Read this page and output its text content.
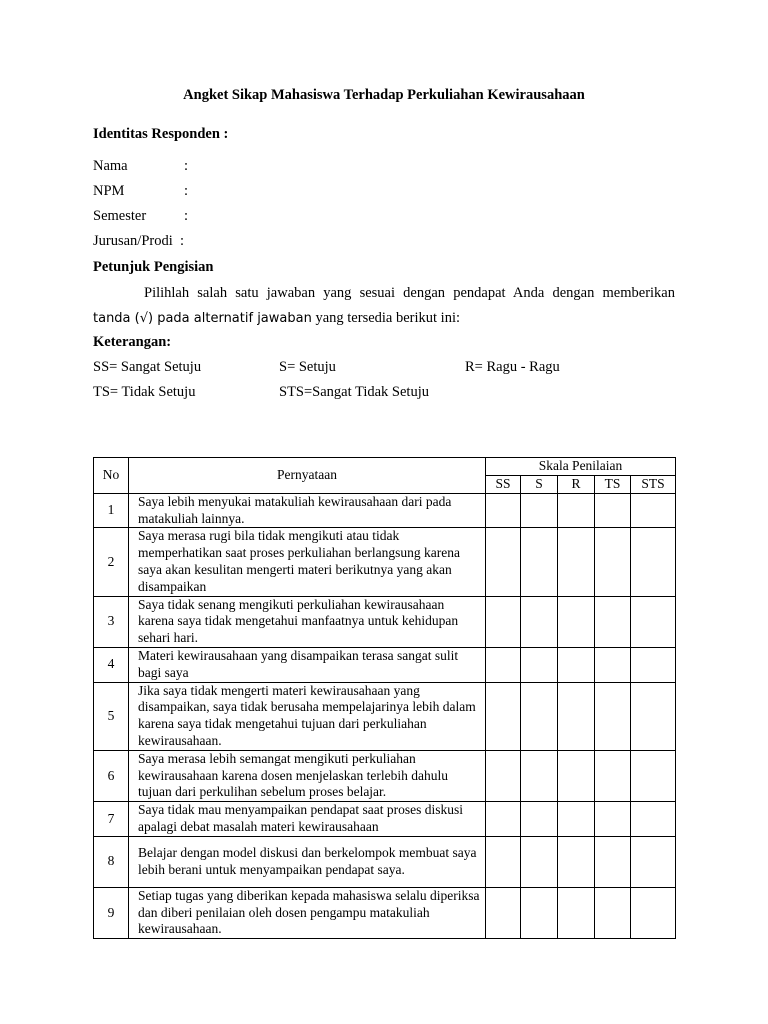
Angket Sikap Mahasiswa Terhadap Perkuliahan Kewirausahaan
Identitas Responden :
Nama	:
NPM	:
Semester	:
Jurusan/Prodi :
Petunjuk Pengisian
Pilihlah salah satu jawaban yang sesuai dengan pendapat Anda dengan memberikan
tanda (√) pada alternatif jawaban yang tersedia berikut ini:
Keterangan:
SS= Sangat Setuju	S= Setuju	R= Ragu - Ragu
TS= Tidak Setuju	STS=Sangat Tidak Setuju
No	Pernyataan	Skala Penilaian				
		SS	S	R	TS	STS
1	Saya lebih menyukai matakuliah kewirausahaan dari pada matakuliah lainnya.					
2	Saya merasa rugi bila tidak mengikuti atau tidak memperhatikan saat proses perkuliahan berlangsung karena saya akan kesulitan mengerti materi berikutnya yang akan disampaikan					
3	Saya tidak senang mengikuti perkuliahan kewirausahaan karena saya tidak mengetahui manfaatnya untuk kehidupan sehari hari.					
4	Materi kewirausahaan yang disampaikan terasa sangat sulit bagi saya					
5	Jika saya tidak mengerti materi kewirausahaan yang disampaikan, saya tidak berusaha mempelajarinya lebih dalam karena saya tidak mengetahui tujuan dari perkuliahan kewirausahaan.					
6	Saya merasa lebih semangat mengikuti perkuliahan kewirausahaan karena dosen menjelaskan terlebih dahulu tujuan dari perkulihan sebelum proses belajar.					
7	Saya tidak mau menyampaikan pendapat saat proses diskusi apalagi debat masalah materi kewirausahaan					
8	Belajar dengan model diskusi dan berkelompok membuat saya lebih berani untuk menyampaikan pendapat saya.					
9	Setiap tugas yang diberikan kepada mahasiswa selalu diperiksa dan diberi penilaian oleh dosen pengampu matakuliah kewirausahaan.					
